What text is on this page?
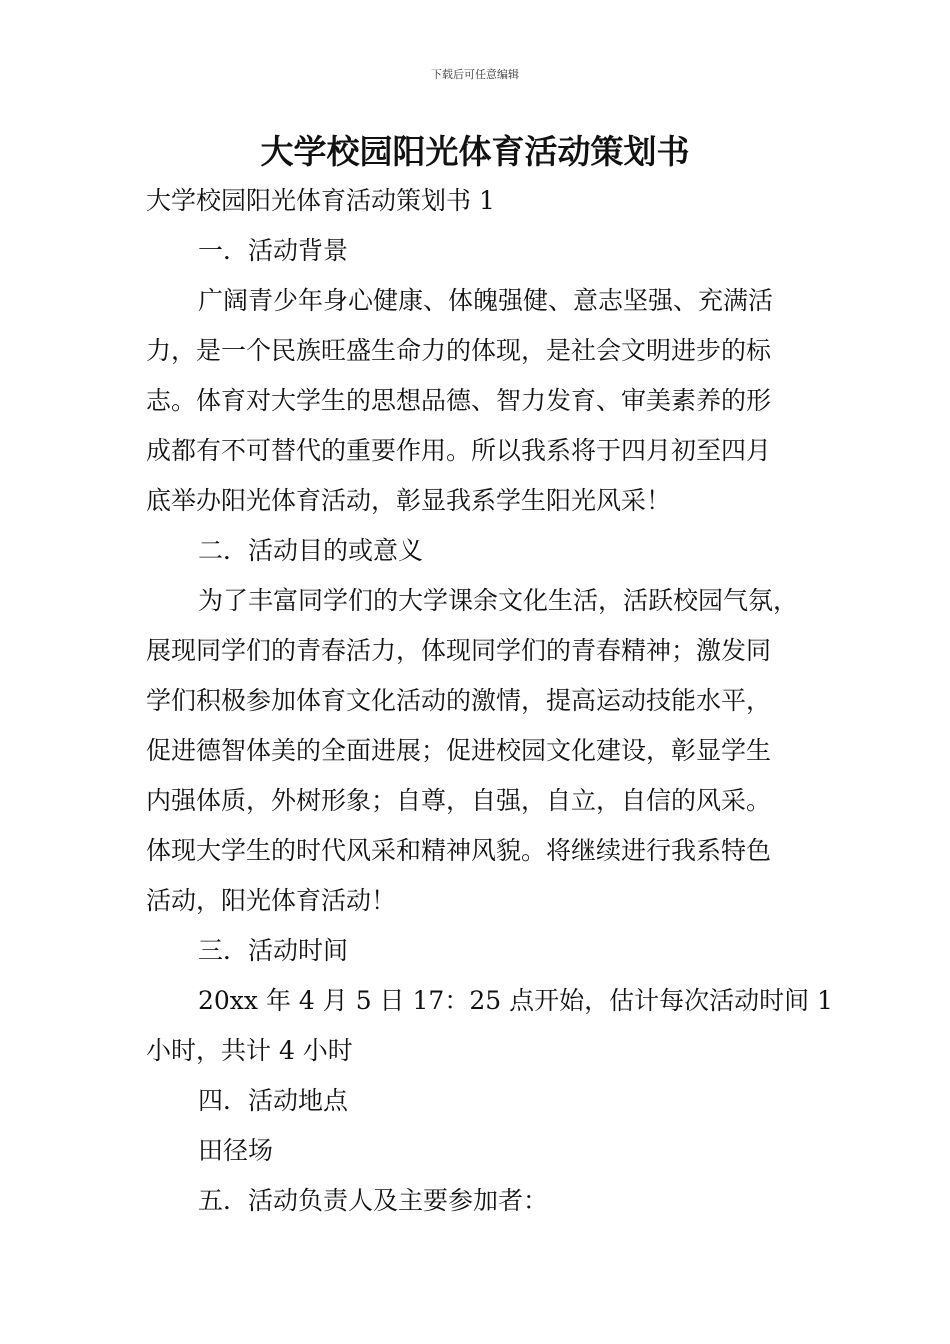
下载后可任意编辑
大学校园阳光体育活动策划书

大学校园阳光体育活动策划书 1

一．活动背景

广阔青少年身心健康、体魄强健、意志坚强、充满活

力，是一个民族旺盛生命力的体现，是社会文明进步的标

志。体育对大学生的思想品德、智力发育、审美素养的形

成都有不可替代的重要作用。所以我系将于四月初至四月

底举办阳光体育活动，彰显我系学生阳光风采！

二．活动目的或意义

为了丰富同学们的大学课余文化生活，活跃校园气氛，

展现同学们的青春活力，体现同学们的青春精神；激发同

学们积极参加体育文化活动的激情，提高运动技能水平，

促进德智体美的全面进展；促进校园文化建设，彰显学生

内强体质，外树形象；自尊，自强，自立，自信的风采。

体现大学生的时代风采和精神风貌。将继续进行我系特色

活动，阳光体育活动！

三．活动时间

20xx 年 4 月 5 日 17：25 点开始，估计每次活动时间 1

小时，共计 4 小时

四．活动地点

田径场

五．活动负责人及主要参加者：
